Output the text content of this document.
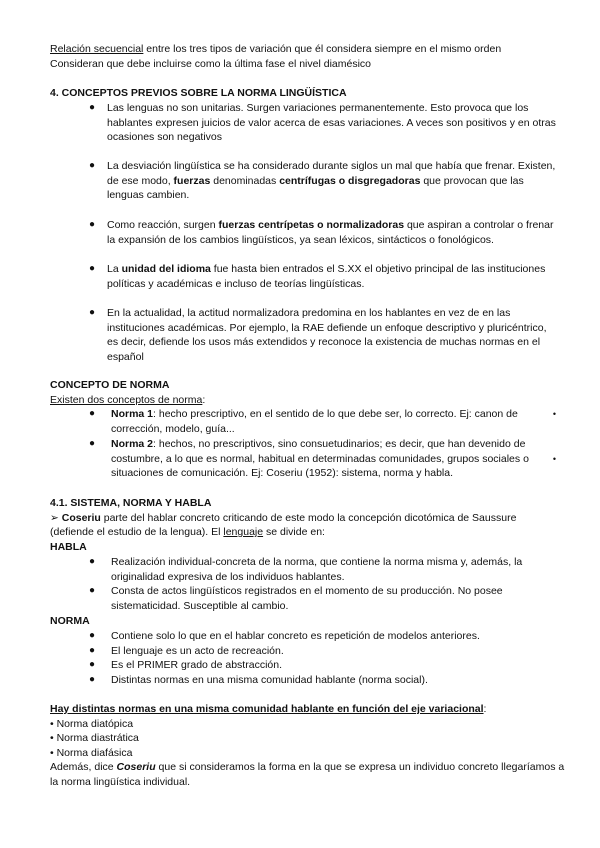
Relación secuencial entre los tres tipos de variación que él considera siempre en el mismo orden

Consideran que debe incluirse como la última fase el nivel diamésico

4. CONCEPTOS PREVIOS SOBRE LA NORMA LINGÜÍSTICA

● Las lenguas no son unitarias. Surgen variaciones permanentemente. Esto provoca que los hablantes expresen juicios de valor acerca de esas variaciones. A veces son positivos y en otras ocasiones son negativos
● La desviación lingüística se ha considerado durante siglos un mal que había que frenar. Existen, de ese modo, fuerzas denominadas centrífugas o disgregadoras que provocan que las lenguas cambien.
● Como reacción, surgen fuerzas centrípetas o normalizadoras que aspiran a controlar o frenar la expansión de los cambios lingüísticos, ya sean léxicos, sintácticos o fonológicos.
● La unidad del idioma fue hasta bien entrados el S.XX el objetivo principal de las instituciones políticas y académicas e incluso de teorías lingüísticas.
● En la actualidad, la actitud normalizadora predomina en los hablantes en vez de en las instituciones académicas. Por ejemplo, la RAE defiende un enfoque descriptivo y pluricéntrico, es decir, defiende los usos más extendidos y reconoce la existencia de muchas normas en el español

CONCEPTO DE NORMA

Existen dos conceptos de norma:

● Norma 1: hecho prescriptivo, en el sentido de lo que debe ser, lo correcto. Ej: canon de corrección, modelo, guía...
•
● Norma 2: hechos, no prescriptivos, sino consuetudinarios; es decir, que han devenido de costumbre, a lo que es normal, habitual en determinadas comunidades, grupos sociales o situaciones de comunicación. Ej: Coseriu (1952): sistema, norma y habla.
•

4.1. SISTEMA, NORMA Y HABLA

➢ Coseriu parte del hablar concreto criticando de este modo la concepción dicotómica de Saussure (defiende el estudio de la lengua). El lenguaje se divide en:

HABLA

● Realización individual-concreta de la norma, que contiene la norma misma y, además, la originalidad expresiva de los individuos hablantes.
● Consta de actos lingüísticos registrados en el momento de su producción. No posee sistematicidad. Susceptible al cambio.

NORMA

● Contiene solo lo que en el hablar concreto es repetición de modelos anteriores.
● El lenguaje es un acto de recreación.
● Es el PRIMER grado de abstracción.
● Distintas normas en una misma comunidad hablante (norma social).

Hay distintas normas en una misma comunidad hablante en función del eje variacional:

• Norma diatópica

• Norma diastrática

• Norma diafásica

Además, dice Coseriu que si consideramos la forma en la que se expresa un individuo concreto llegaríamos a la norma lingüística individual.
